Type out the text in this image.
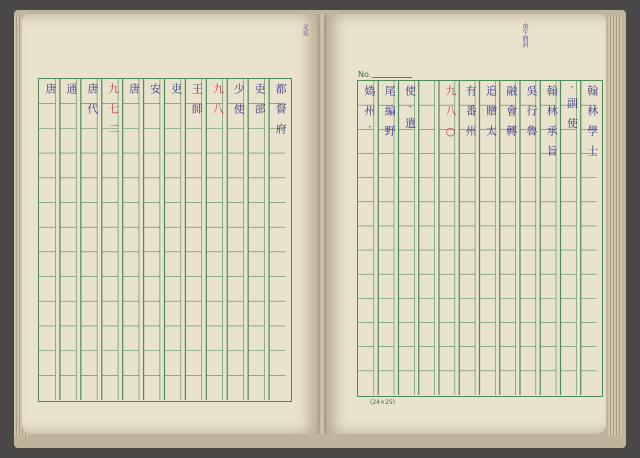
都督府
吏部
少使
九八
王師
吏
安
唐
九七二
唐代
通
唐	翰林學士
·副使
翰林承旨
吳行魯
融會轉
追贈太
有番州
九八○
使·遣
尾編野
媯州·
No.
(24×25)
·庚午冊封
又見
